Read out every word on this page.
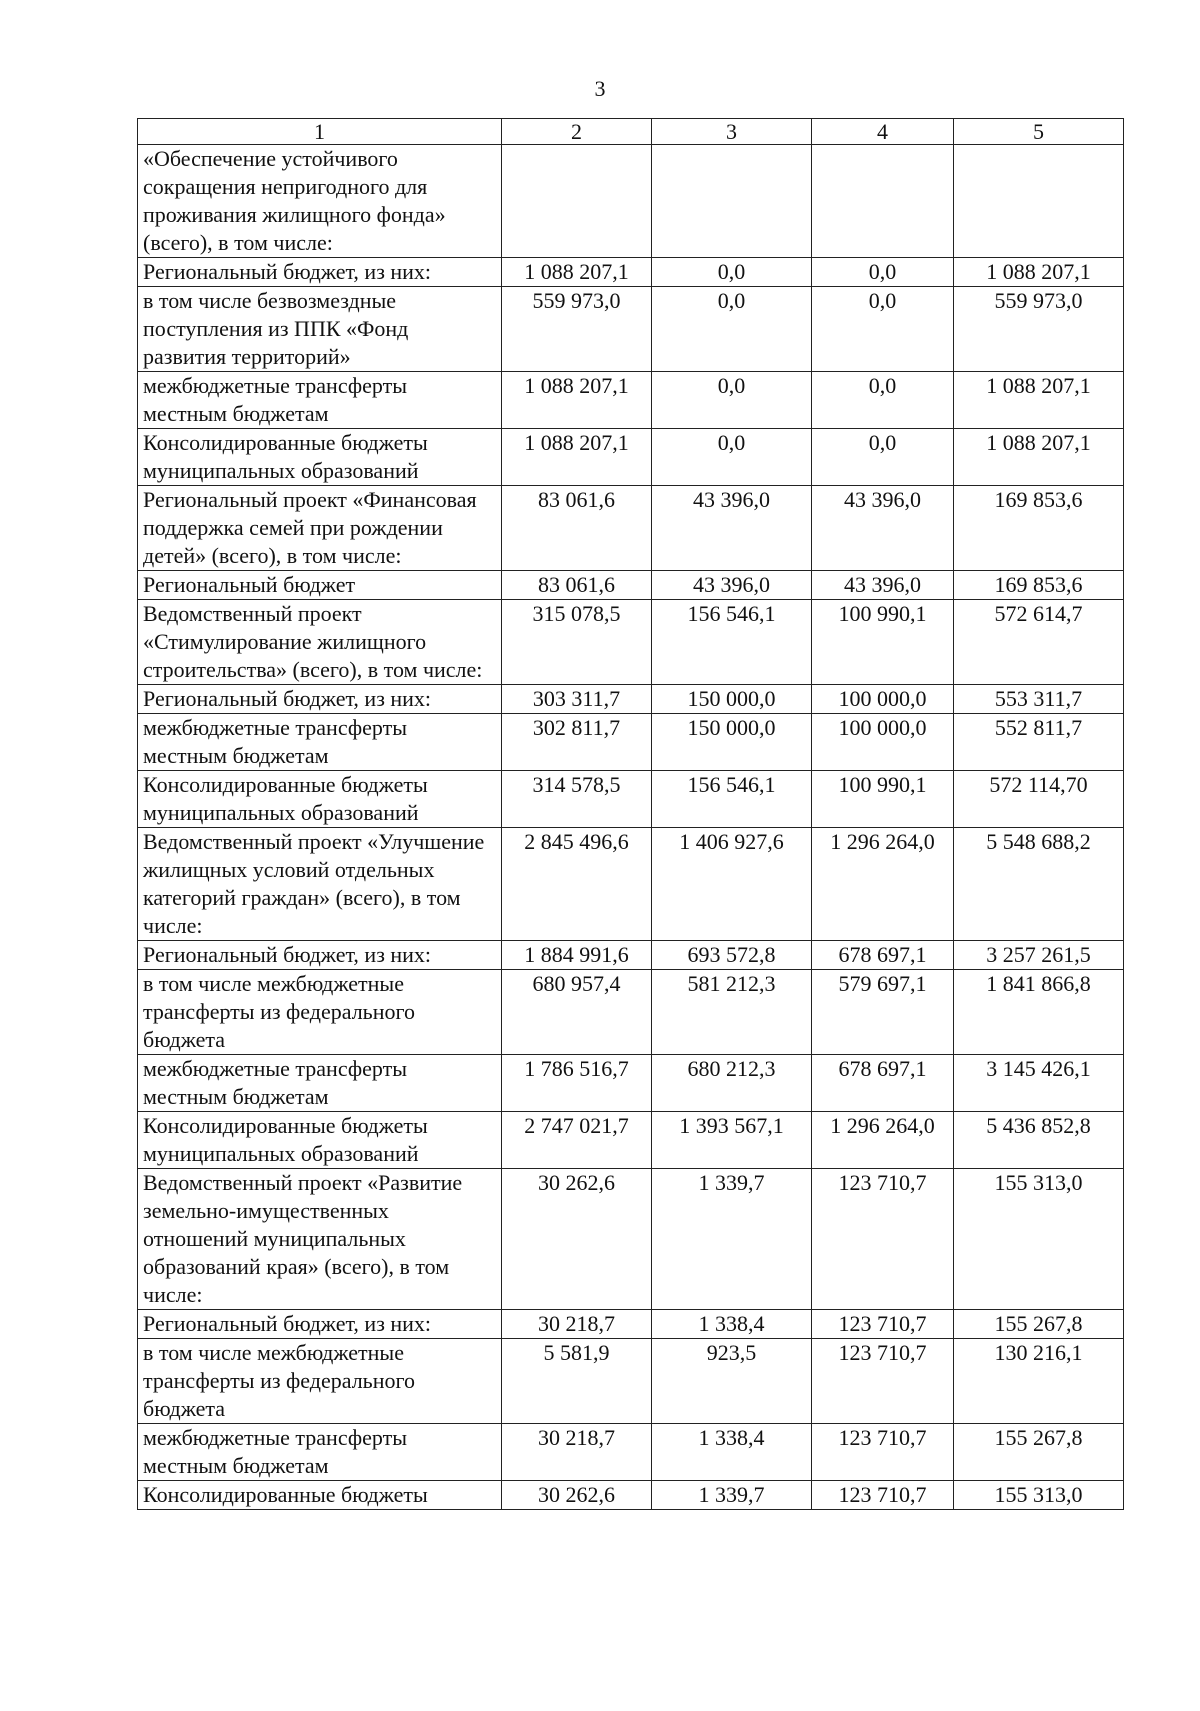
3
1	2	3	4	5
«Обеспечение устойчивого сокращения непригодного для проживания жилищного фонда» (всего), в том числе:				
Региональный бюджет, из них:	1 088 207,1	0,0	0,0	1 088 207,1
в том числе безвозмездные поступления из ППК «Фонд развития территорий»	559 973,0	0,0	0,0	559 973,0
межбюджетные трансферты местным бюджетам	1 088 207,1	0,0	0,0	1 088 207,1
Консолидированные бюджеты муниципальных образований	1 088 207,1	0,0	0,0	1 088 207,1
Региональный проект «Финансовая поддержка семей при рождении детей» (всего), в том числе:	83 061,6	43 396,0	43 396,0	169 853,6
Региональный бюджет	83 061,6	43 396,0	43 396,0	169 853,6
Ведомственный проект «Стимулирование жилищного строительства» (всего), в том числе:	315 078,5	156 546,1	100 990,1	572 614,7
Региональный бюджет, из них:	303 311,7	150 000,0	100 000,0	553 311,7
межбюджетные трансферты местным бюджетам	302 811,7	150 000,0	100 000,0	552 811,7
Консолидированные бюджеты муниципальных образований	314 578,5	156 546,1	100 990,1	572 114,70
Ведомственный проект «Улучшение жилищных условий отдельных категорий граждан» (всего), в том числе:	2 845 496,6	1 406 927,6	1 296 264,0	5 548 688,2
Региональный бюджет, из них:	1 884 991,6	693 572,8	678 697,1	3 257 261,5
в том числе межбюджетные трансферты из федерального бюджета	680 957,4	581 212,3	579 697,1	1 841 866,8
межбюджетные трансферты местным бюджетам	1 786 516,7	680 212,3	678 697,1	3 145 426,1
Консолидированные бюджеты муниципальных образований	2 747 021,7	1 393 567,1	1 296 264,0	5 436 852,8
Ведомственный проект «Развитие земельно-имущественных отношений муниципальных образований края» (всего), в том числе:	30 262,6	1 339,7	123 710,7	155 313,0
Региональный бюджет, из них:	30 218,7	1 338,4	123 710,7	155 267,8
в том числе межбюджетные трансферты из федерального бюджета	5 581,9	923,5	123 710,7	130 216,1
межбюджетные трансферты местным бюджетам	30 218,7	1 338,4	123 710,7	155 267,8
Консолидированные бюджеты	30 262,6	1 339,7	123 710,7	155 313,0
